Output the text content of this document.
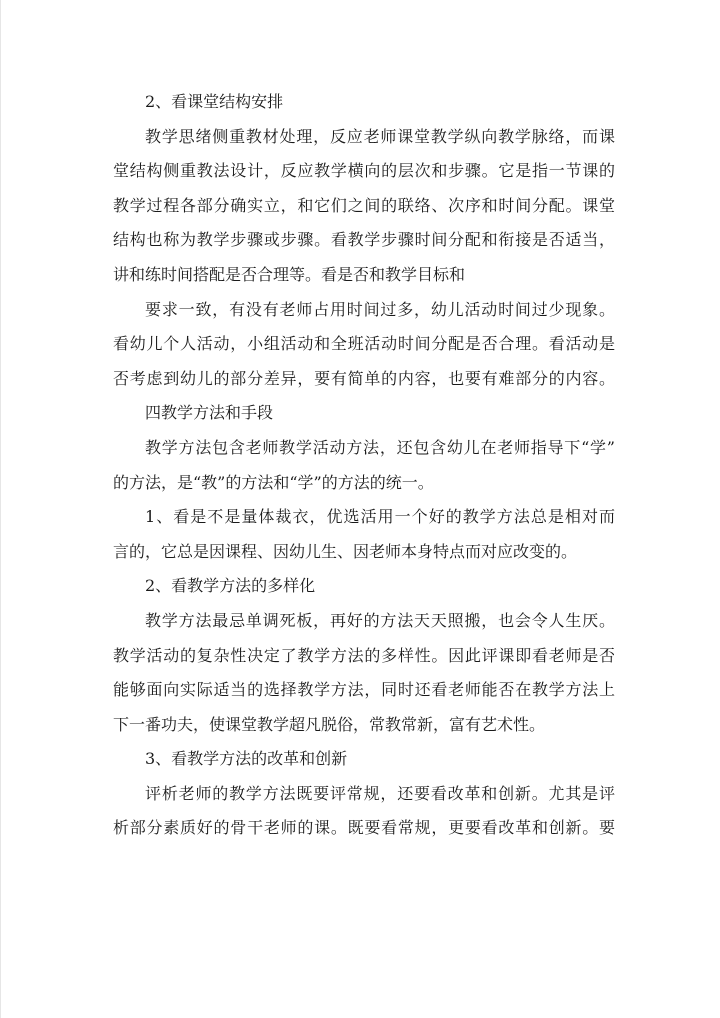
2、看课堂结构安排
教学思绪侧重教材处理，反应老师课堂教学纵向教学脉络，而课
堂结构侧重教法设计，反应教学横向的层次和步骤。它是指一节课的
教学过程各部分确实立，和它们之间的联络、次序和时间分配。课堂
结构也称为教学步骤或步骤。看教学步骤时间分配和衔接是否适当，
讲和练时间搭配是否合理等。看是否和教学目标和
要求一致，有没有老师占用时间过多，幼儿活动时间过少现象。
看幼儿个人活动，小组活动和全班活动时间分配是否合理。看活动是
否考虑到幼儿的部分差异，要有简单的内容，也要有难部分的内容。
四教学方法和手段
教学方法包含老师教学活动方法，还包含幼儿在老师指导下“学”
的方法，是“教”的方法和“学”的方法的统一。
1、看是不是量体裁衣，优选活用一个好的教学方法总是相对而
言的，它总是因课程、因幼儿生、因老师本身特点而对应改变的。
2、看教学方法的多样化
教学方法最忌单调死板，再好的方法天天照搬，也会令人生厌。
教学活动的复杂性决定了教学方法的多样性。因此评课即看老师是否
能够面向实际适当的选择教学方法，同时还看老师能否在教学方法上
下一番功夫，使课堂教学超凡脱俗，常教常新，富有艺术性。
3、看教学方法的改革和创新
评析老师的教学方法既要评常规，还要看改革和创新。尤其是评
析部分素质好的骨干老师的课。既要看常规，更要看改革和创新。要
